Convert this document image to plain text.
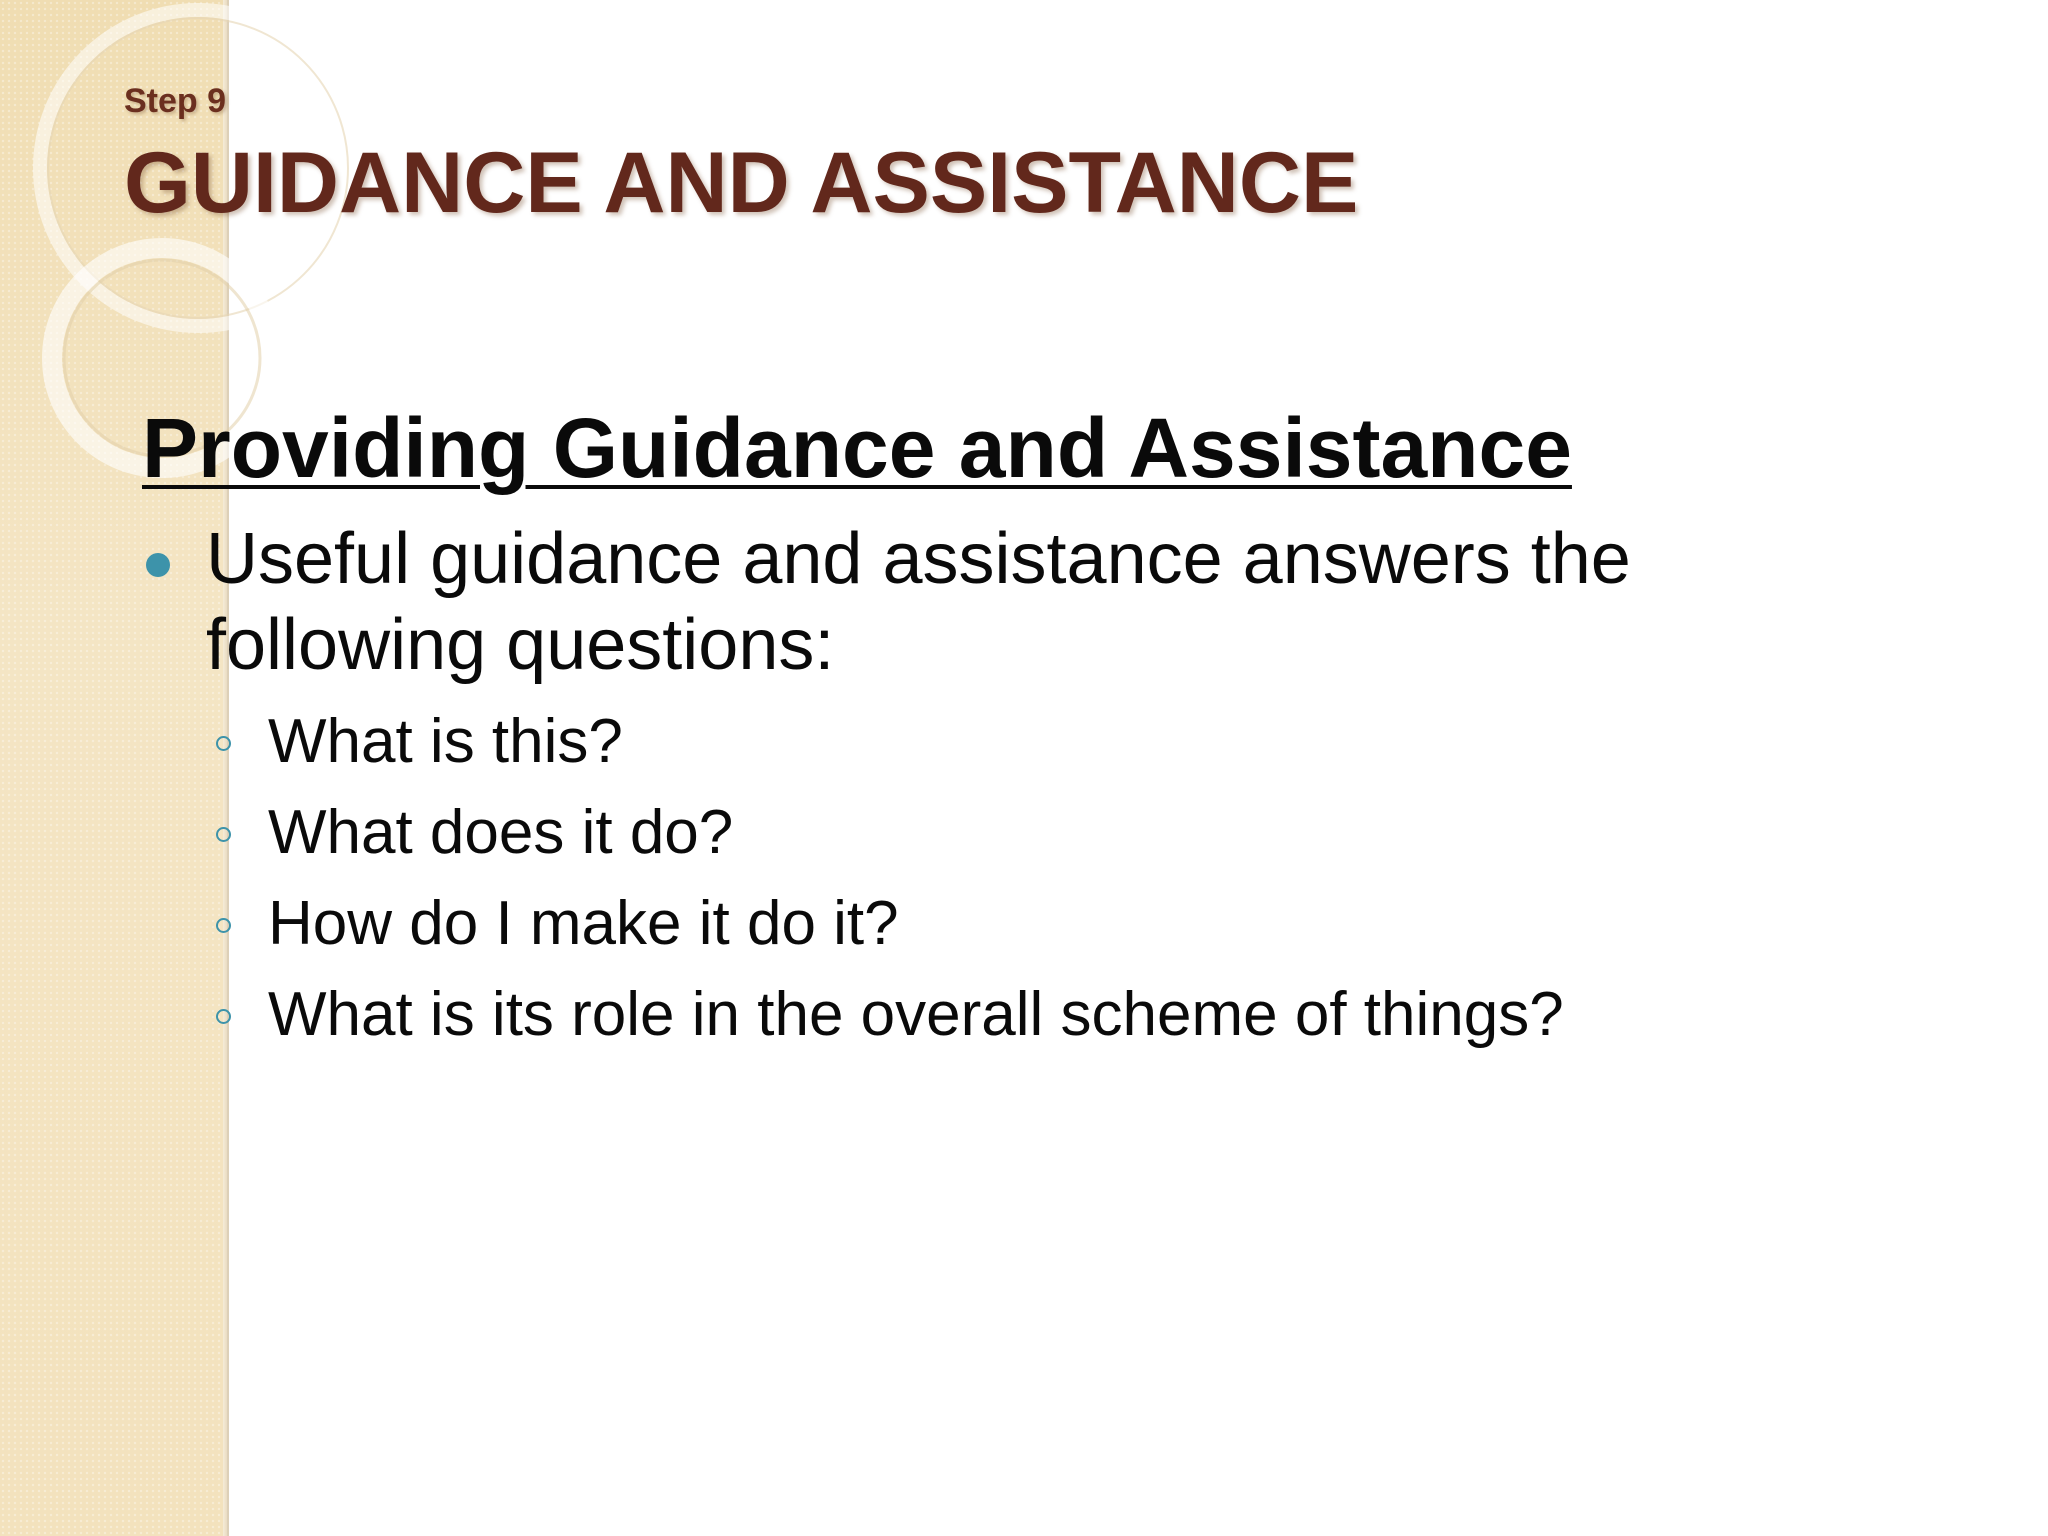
Step 9
GUIDANCE AND ASSISTANCE
Providing Guidance and Assistance

Useful guidance and assistance answers the following questions:

What is this?
What does it do?
How do I make it do it?
What is its role in the overall scheme of things?
